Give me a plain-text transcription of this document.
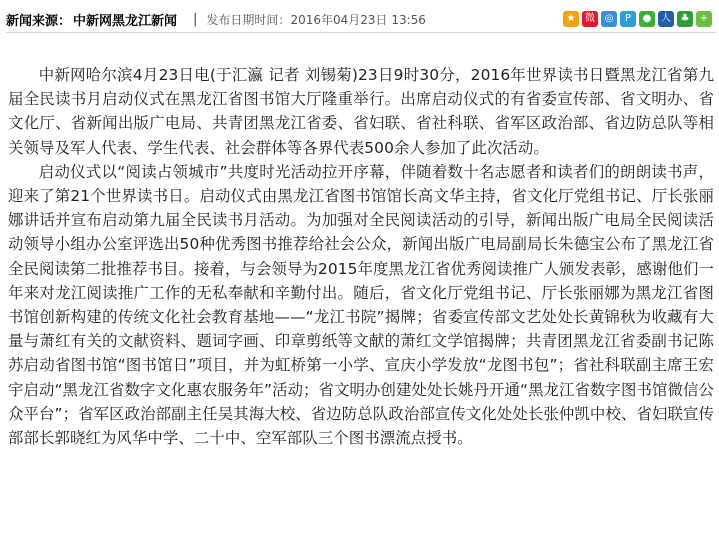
新闻来源： 中新网黑龙江新闻 | 发布日期时间： 2016年04月23日 13:56	★ 微 ◎	P	● 人 ♣	+

中新网哈尔滨4月23日电(于汇瀛 记者 刘锡菊)23日9时30分，2016年世界读书日暨黑龙江省第九届全民读书月启动仪式在黑龙江省图书馆大厅隆重举行。出席启动仪式的有省委宣传部、省文明办、省文化厅、省新闻出版广电局、共青团黑龙江省委、省妇联、省社科联、省军区政治部、省边防总队等相关领导及军人代表、学生代表、社会群体等各界代表500余人参加了此次活动。

启动仪式以“阅读占领城市”共度时光活动拉开序幕，伴随着数十名志愿者和读者们的朗朗读书声，迎来了第21个世界读书日。启动仪式由黑龙江省图书馆馆长高文华主持，省文化厅党组书记、厅长张丽娜讲话并宣布启动第九届全民读书月活动。为加强对全民阅读活动的引导，新闻出版广电局全民阅读活动领导小组办公室评选出50种优秀图书推荐给社会公众，新闻出版广电局副局长朱德宝公布了黑龙江省全民阅读第二批推荐书目。接着，与会领导为2015年度黑龙江省优秀阅读推广人颁发表彰，感谢他们一年来对龙江阅读推广工作的无私奉献和辛勤付出。随后，省文化厅党组书记、厅长张丽娜为黑龙江省图书馆创新构建的传统文化社会教育基地——“龙江书院”揭牌；省委宣传部文艺处处长黄锦秋为收藏有大量与萧红有关的文献资料、题词字画、印章剪纸等文献的萧红文学馆揭牌；共青团黑龙江省委副书记陈苏启动省图书馆“图书馆日”项目，并为虹桥第一小学、宣庆小学发放“龙图书包”；省社科联副主席王宏宇启动“黑龙江省数字文化惠农服务年”活动；省文明办创建处处长姚丹开通“黑龙江省数字图书馆微信公众平台”；省军区政治部副主任吴其海大校、省边防总队政治部宣传文化处处长张仲凯中校、省妇联宣传部部长郭晓红为风华中学、二十中、空军部队三个图书漂流点授书。
